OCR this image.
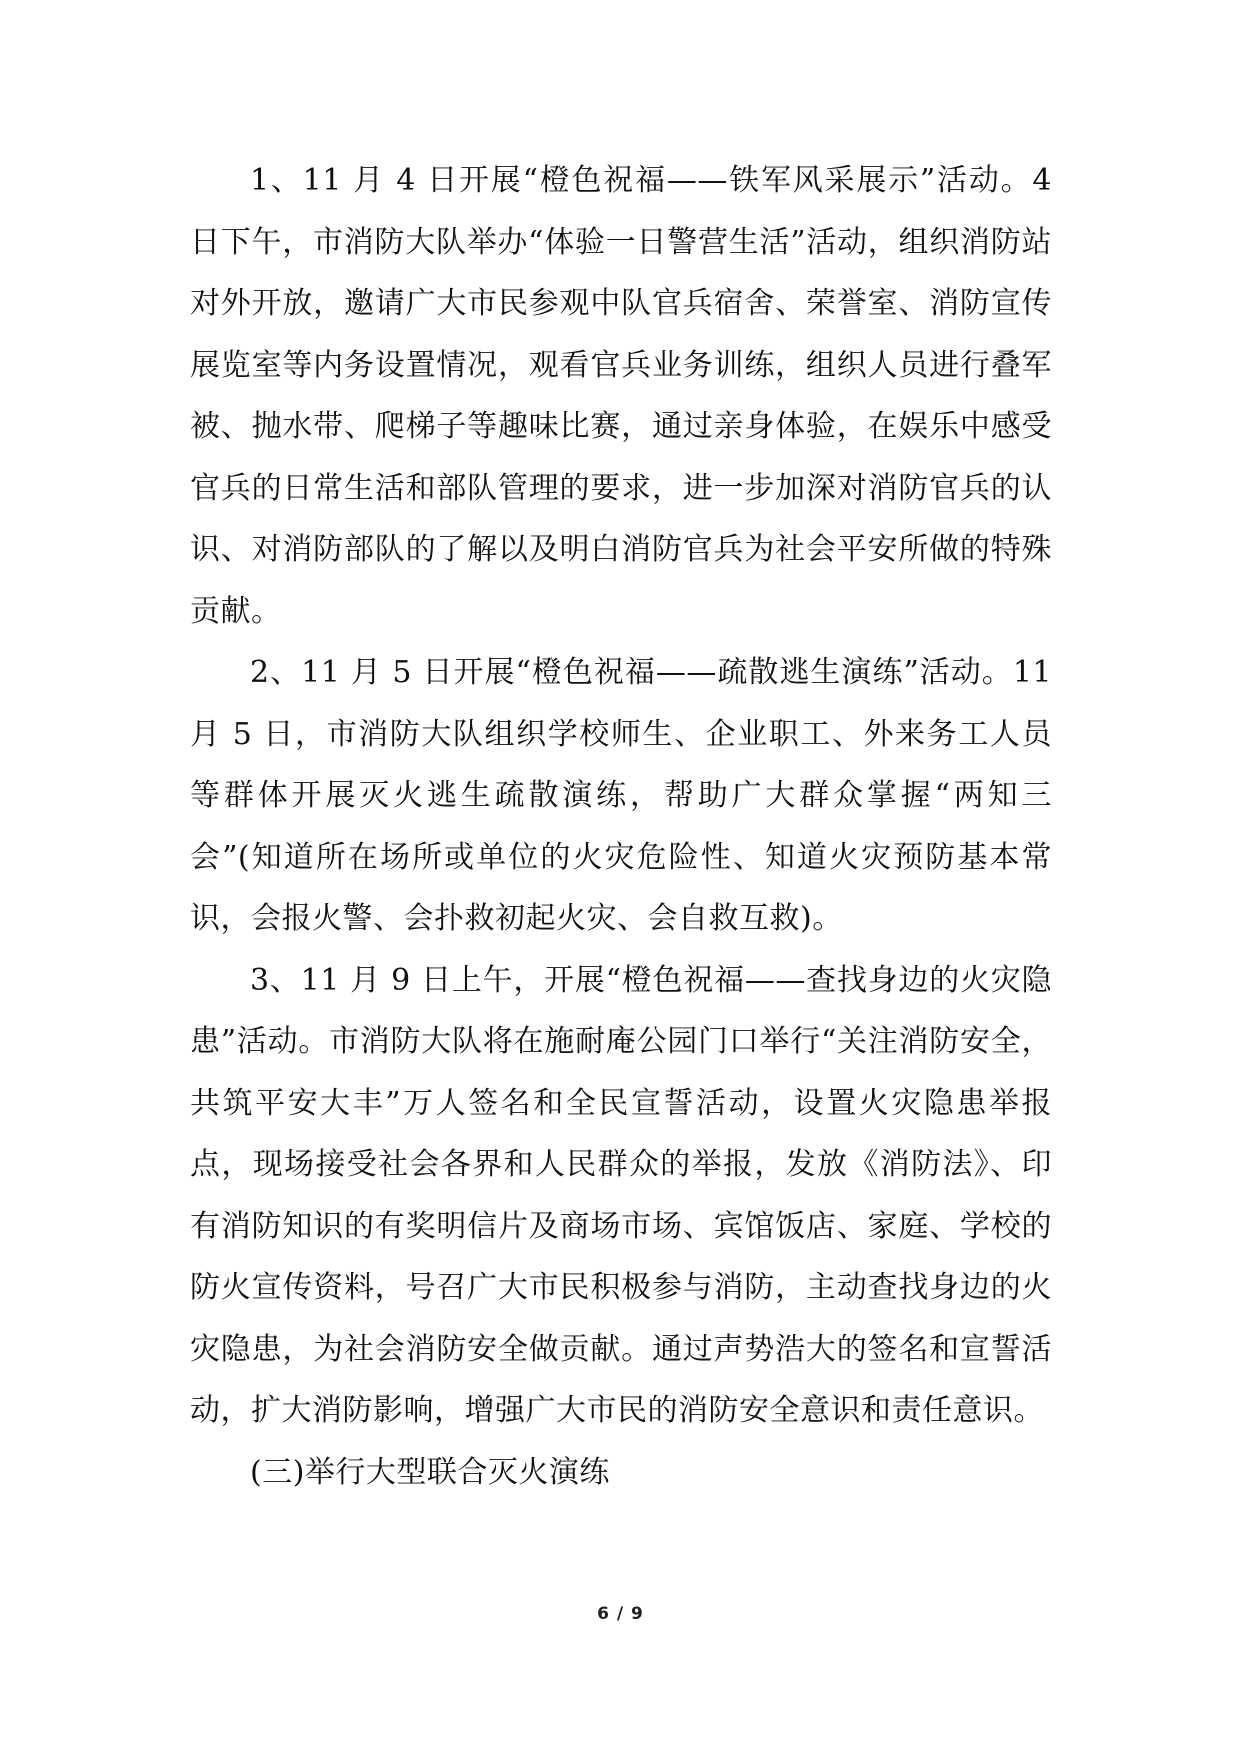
1、11 月 4 日开展“橙色祝福——铁军风采展示”活动。4 日下午，市消防大队举办“体验一日警营生活”活动，组织消防站对外开放，邀请广大市民参观中队官兵宿舍、荣誉室、消防宣传展览室等内务设置情况，观看官兵业务训练，组织人员进行叠军被、抛水带、爬梯子等趣味比赛，通过亲身体验，在娱乐中感受官兵的日常生活和部队管理的要求，进一步加深对消防官兵的认识、对消防部队的了解以及明白消防官兵为社会平安所做的特殊贡献。

2、11 月 5 日开展“橙色祝福——疏散逃生演练”活动。11 月 5 日，市消防大队组织学校师生、企业职工、外来务工人员等群体开展灭火逃生疏散演练，帮助广大群众掌握“两知三会”(知道所在场所或单位的火灾危险性、知道火灾预防基本常识，会报火警、会扑救初起火灾、会自救互救)。

3、11 月 9 日上午，开展“橙色祝福——查找身边的火灾隐患”活动。市消防大队将在施耐庵公园门口举行“关注消防安全，共筑平安大丰”万人签名和全民宣誓活动，设置火灾隐患举报点，现场接受社会各界和人民群众的举报，发放《消防法》、印有消防知识的有奖明信片及商场市场、宾馆饭店、家庭、学校的防火宣传资料，号召广大市民积极参与消防，主动查找身边的火灾隐患，为社会消防安全做贡献。通过声势浩大的签名和宣誓活动，扩大消防影响，增强广大市民的消防安全意识和责任意识。

(三)举行大型联合灭火演练

6 / 9
